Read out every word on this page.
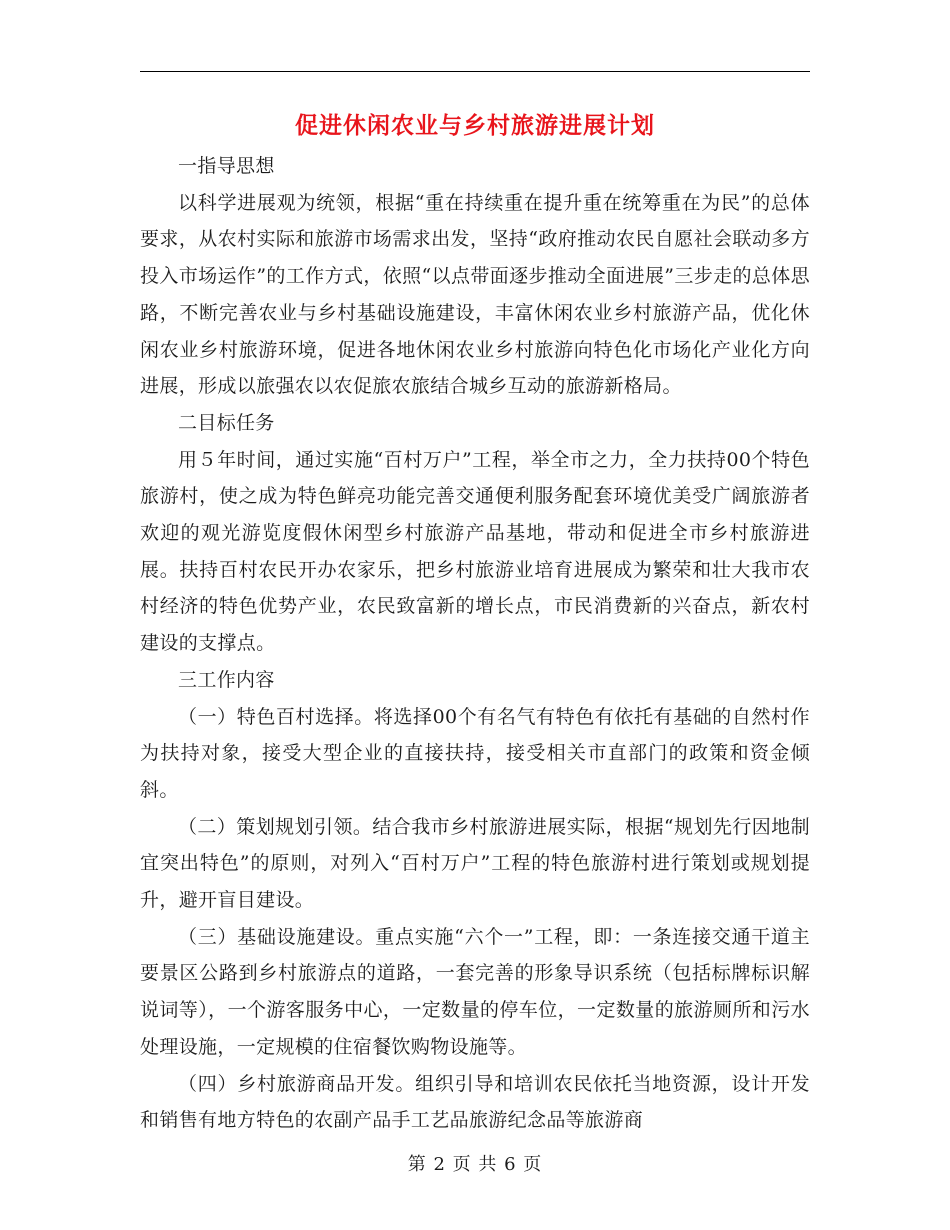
促进休闲农业与乡村旅游进展计划

一指导思想

以科学进展观为统领，根据“重在持续重在提升重在统筹重在为民”的总体要求，从农村实际和旅游市场需求出发，坚持“政府推动农民自愿社会联动多方投入市场运作”的工作方式，依照“以点带面逐步推动全面进展”三步走的总体思路，不断完善农业与乡村基础设施建设，丰富休闲农业乡村旅游产品，优化休闲农业乡村旅游环境，促进各地休闲农业乡村旅游向特色化市场化产业化方向进展，形成以旅强农以农促旅农旅结合城乡互动的旅游新格局。

二目标任务

用５年时间，通过实施“百村万户”工程，举全市之力，全力扶持00个特色旅游村，使之成为特色鲜亮功能完善交通便利服务配套环境优美受广阔旅游者欢迎的观光游览度假休闲型乡村旅游产品基地，带动和促进全市乡村旅游进展。扶持百村农民开办农家乐，把乡村旅游业培育进展成为繁荣和壮大我市农村经济的特色优势产业，农民致富新的增长点，市民消费新的兴奋点，新农村建设的支撑点。

三工作内容

（一）特色百村选择。将选择00个有名气有特色有依托有基础的自然村作为扶持对象，接受大型企业的直接扶持，接受相关市直部门的政策和资金倾斜。

（二）策划规划引领。结合我市乡村旅游进展实际，根据“规划先行因地制宜突出特色”的原则，对列入“百村万户”工程的特色旅游村进行策划或规划提升，避开盲目建设。

（三）基础设施建设。重点实施“六个一”工程，即：一条连接交通干道主要景区公路到乡村旅游点的道路，一套完善的形象导识系统（包括标牌标识解说词等），一个游客服务中心，一定数量的停车位，一定数量的旅游厕所和污水处理设施，一定规模的住宿餐饮购物设施等。

（四）乡村旅游商品开发。组织引导和培训农民依托当地资源，设计开发和销售有地方特色的农副产品手工艺品旅游纪念品等旅游商

第 2 页 共 6 页
